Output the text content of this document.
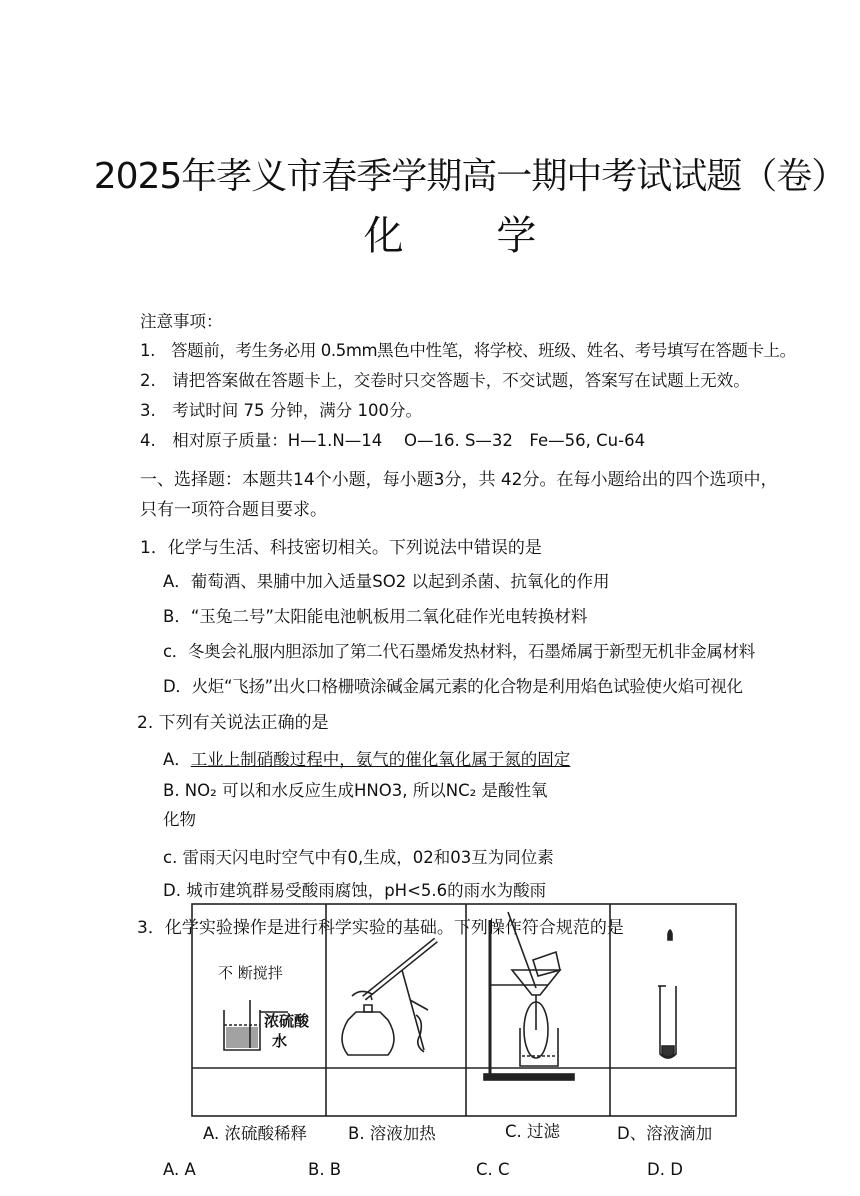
2025年孝义市春季学期高一期中考试试题（卷）
化 学
注意事项：
1.　答题前，考生务必用 0.5mm黑色中性笔，将学校、班级、姓名、考号填写在答题卡上。
2.　请把答案做在答题卡上，交卷时只交答题卡，不交试题，答案写在试题上无效。
3.　考试时间 75 分钟，满分 100分。
4.　相对原子质量：H—1.N—14　 O—16. S—32　Fe—56, Cu-64
一、选择题：本题共14个小题，每小题3分，共 42分。在每小题给出的四个选项中，
只有一项符合题目要求。
1．化学与生活、科技密切相关。下列说法中错误的是
A．葡萄酒、果脯中加入适量SO2 以起到杀菌、抗氧化的作用
B．“玉兔二号”太阳能电池帆板用二氧化硅作光电转换材料
c．冬奥会礼服内胆添加了第二代石墨烯发热材料，石墨烯属于新型无机非金属材料
D．火炬“飞扬”出火口格栅喷涂碱金属元素的化合物是利用焰色试验使火焰可视化
2. 下列有关说法正确的是
A．工业上制硝酸过程中，氨气的催化氧化属于氮的固定
B. NO₂ 可以和水反应生成HNO3, 所以NC₂ 是酸性氧
化物
c. 雷雨天闪电时空气中有0,生成，02和03互为同位素
D. 城市建筑群易受酸雨腐蚀，pH<5.6的雨水为酸雨
3．化学实验操作是进行科学实验的基础。下列操作符合规范的是
不 断搅拌
浓硫酸
水
A. 浓硫酸稀释 B. 溶液加热	C. 过滤	D、溶液滴加
A. A	B. B	C. C	D. D
